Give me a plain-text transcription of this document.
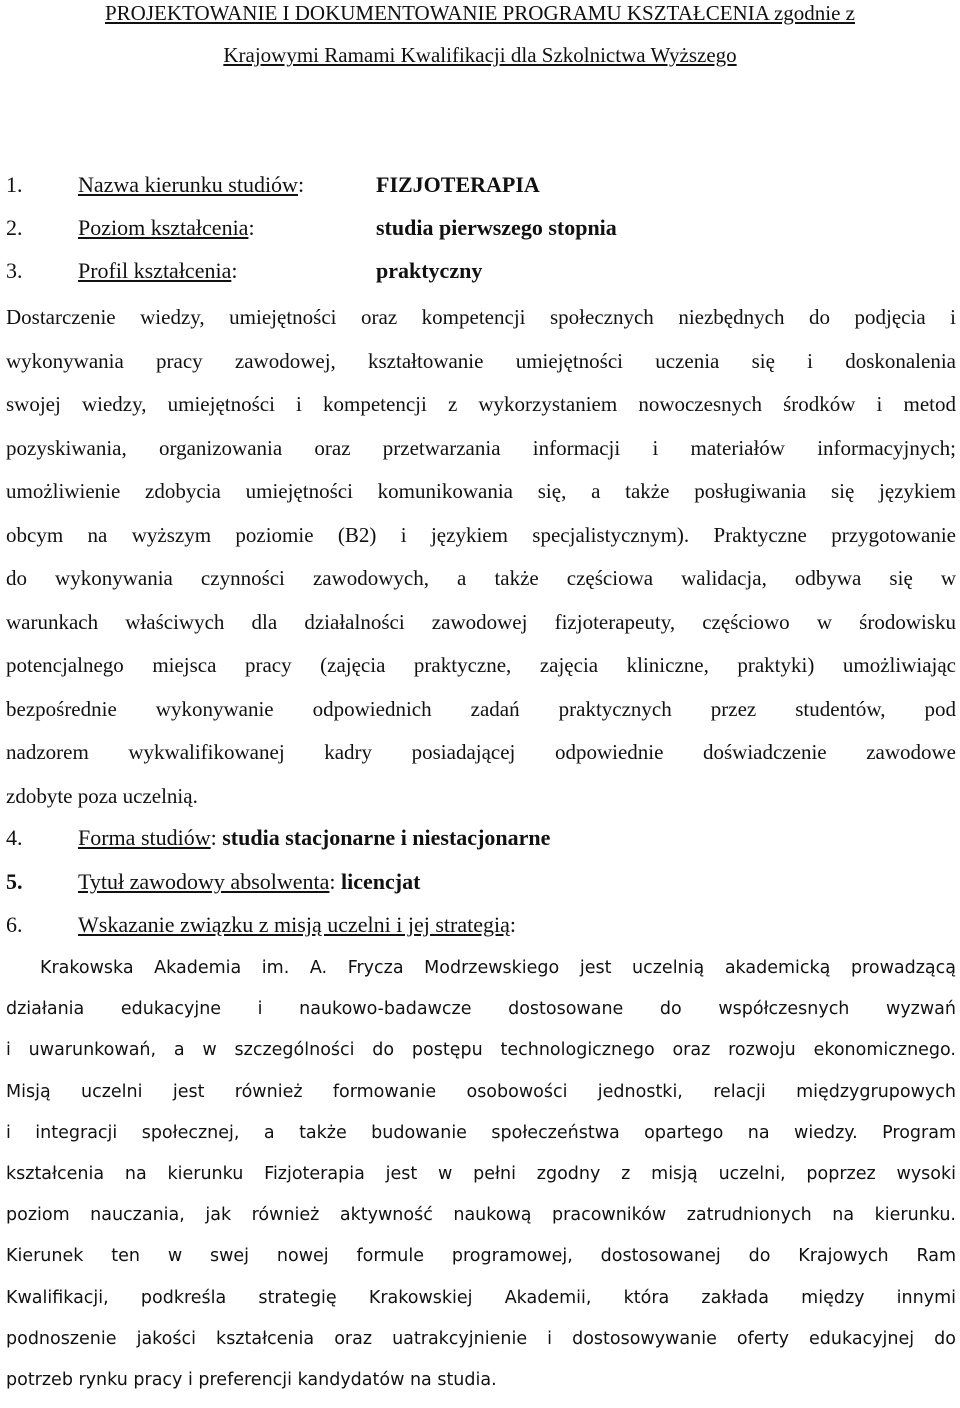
PROJEKTOWANIE I DOKUMENTOWANIE PROGRAMU KSZTAŁCENIA zgodnie z
Krajowymi Ramami Kwalifikacji dla Szkolnictwa Wyższego
1.	Nazwa kierunku studiów:	FIZJOTERAPIA
2.	Poziom kształcenia:	studia pierwszego stopnia
3.	Profil kształcenia:	praktyczny
Dostarczenie wiedzy, umiejętności oraz kompetencji społecznych niezbędnych do podjęcia i
wykonywania pracy zawodowej, kształtowanie umiejętności uczenia się i doskonalenia
swojej wiedzy, umiejętności i kompetencji z wykorzystaniem nowoczesnych środków i metod
pozyskiwania, organizowania oraz przetwarzania informacji i materiałów informacyjnych;
umożliwienie zdobycia umiejętności komunikowania się, a także posługiwania się językiem
obcym na wyższym poziomie (B2) i językiem specjalistycznym). Praktyczne przygotowanie
do wykonywania czynności zawodowych, a także częściowa walidacja, odbywa się w
warunkach właściwych dla działalności zawodowej fizjoterapeuty, częściowo w środowisku
potencjalnego miejsca pracy (zajęcia praktyczne, zajęcia kliniczne, praktyki) umożliwiając
bezpośrednie wykonywanie odpowiednich zadań praktycznych przez studentów, pod
nadzorem wykwalifikowanej kadry posiadającej odpowiednie doświadczenie zawodowe
zdobyte poza uczelnią.
4.	Forma studiów: studia stacjonarne i niestacjonarne
5.	Tytuł zawodowy absolwenta: licencjat
6.	Wskazanie związku z misją uczelni i jej strategią:
Krakowska Akademia im. A. Frycza Modrzewskiego jest uczelnią akademicką prowadzącą
działania edukacyjne i naukowo-badawcze dostosowane do współczesnych wyzwań
i uwarunkowań, a w szczególności do postępu technologicznego oraz rozwoju ekonomicznego.
Misją uczelni jest również formowanie osobowości jednostki, relacji międzygrupowych
i integracji społecznej, a także budowanie społeczeństwa opartego na wiedzy. Program
kształcenia na kierunku Fizjoterapia jest w pełni zgodny z misją uczelni, poprzez wysoki
poziom nauczania, jak również aktywność naukową pracowników zatrudnionych na kierunku.
Kierunek ten w swej nowej formule programowej, dostosowanej do Krajowych Ram
Kwalifikacji, podkreśla strategię Krakowskiej Akademii, która zakłada między innymi
podnoszenie jakości kształcenia oraz uatrakcyjnienie i dostosowywanie oferty edukacyjnej do
potrzeb rynku pracy i preferencji kandydatów na studia.
